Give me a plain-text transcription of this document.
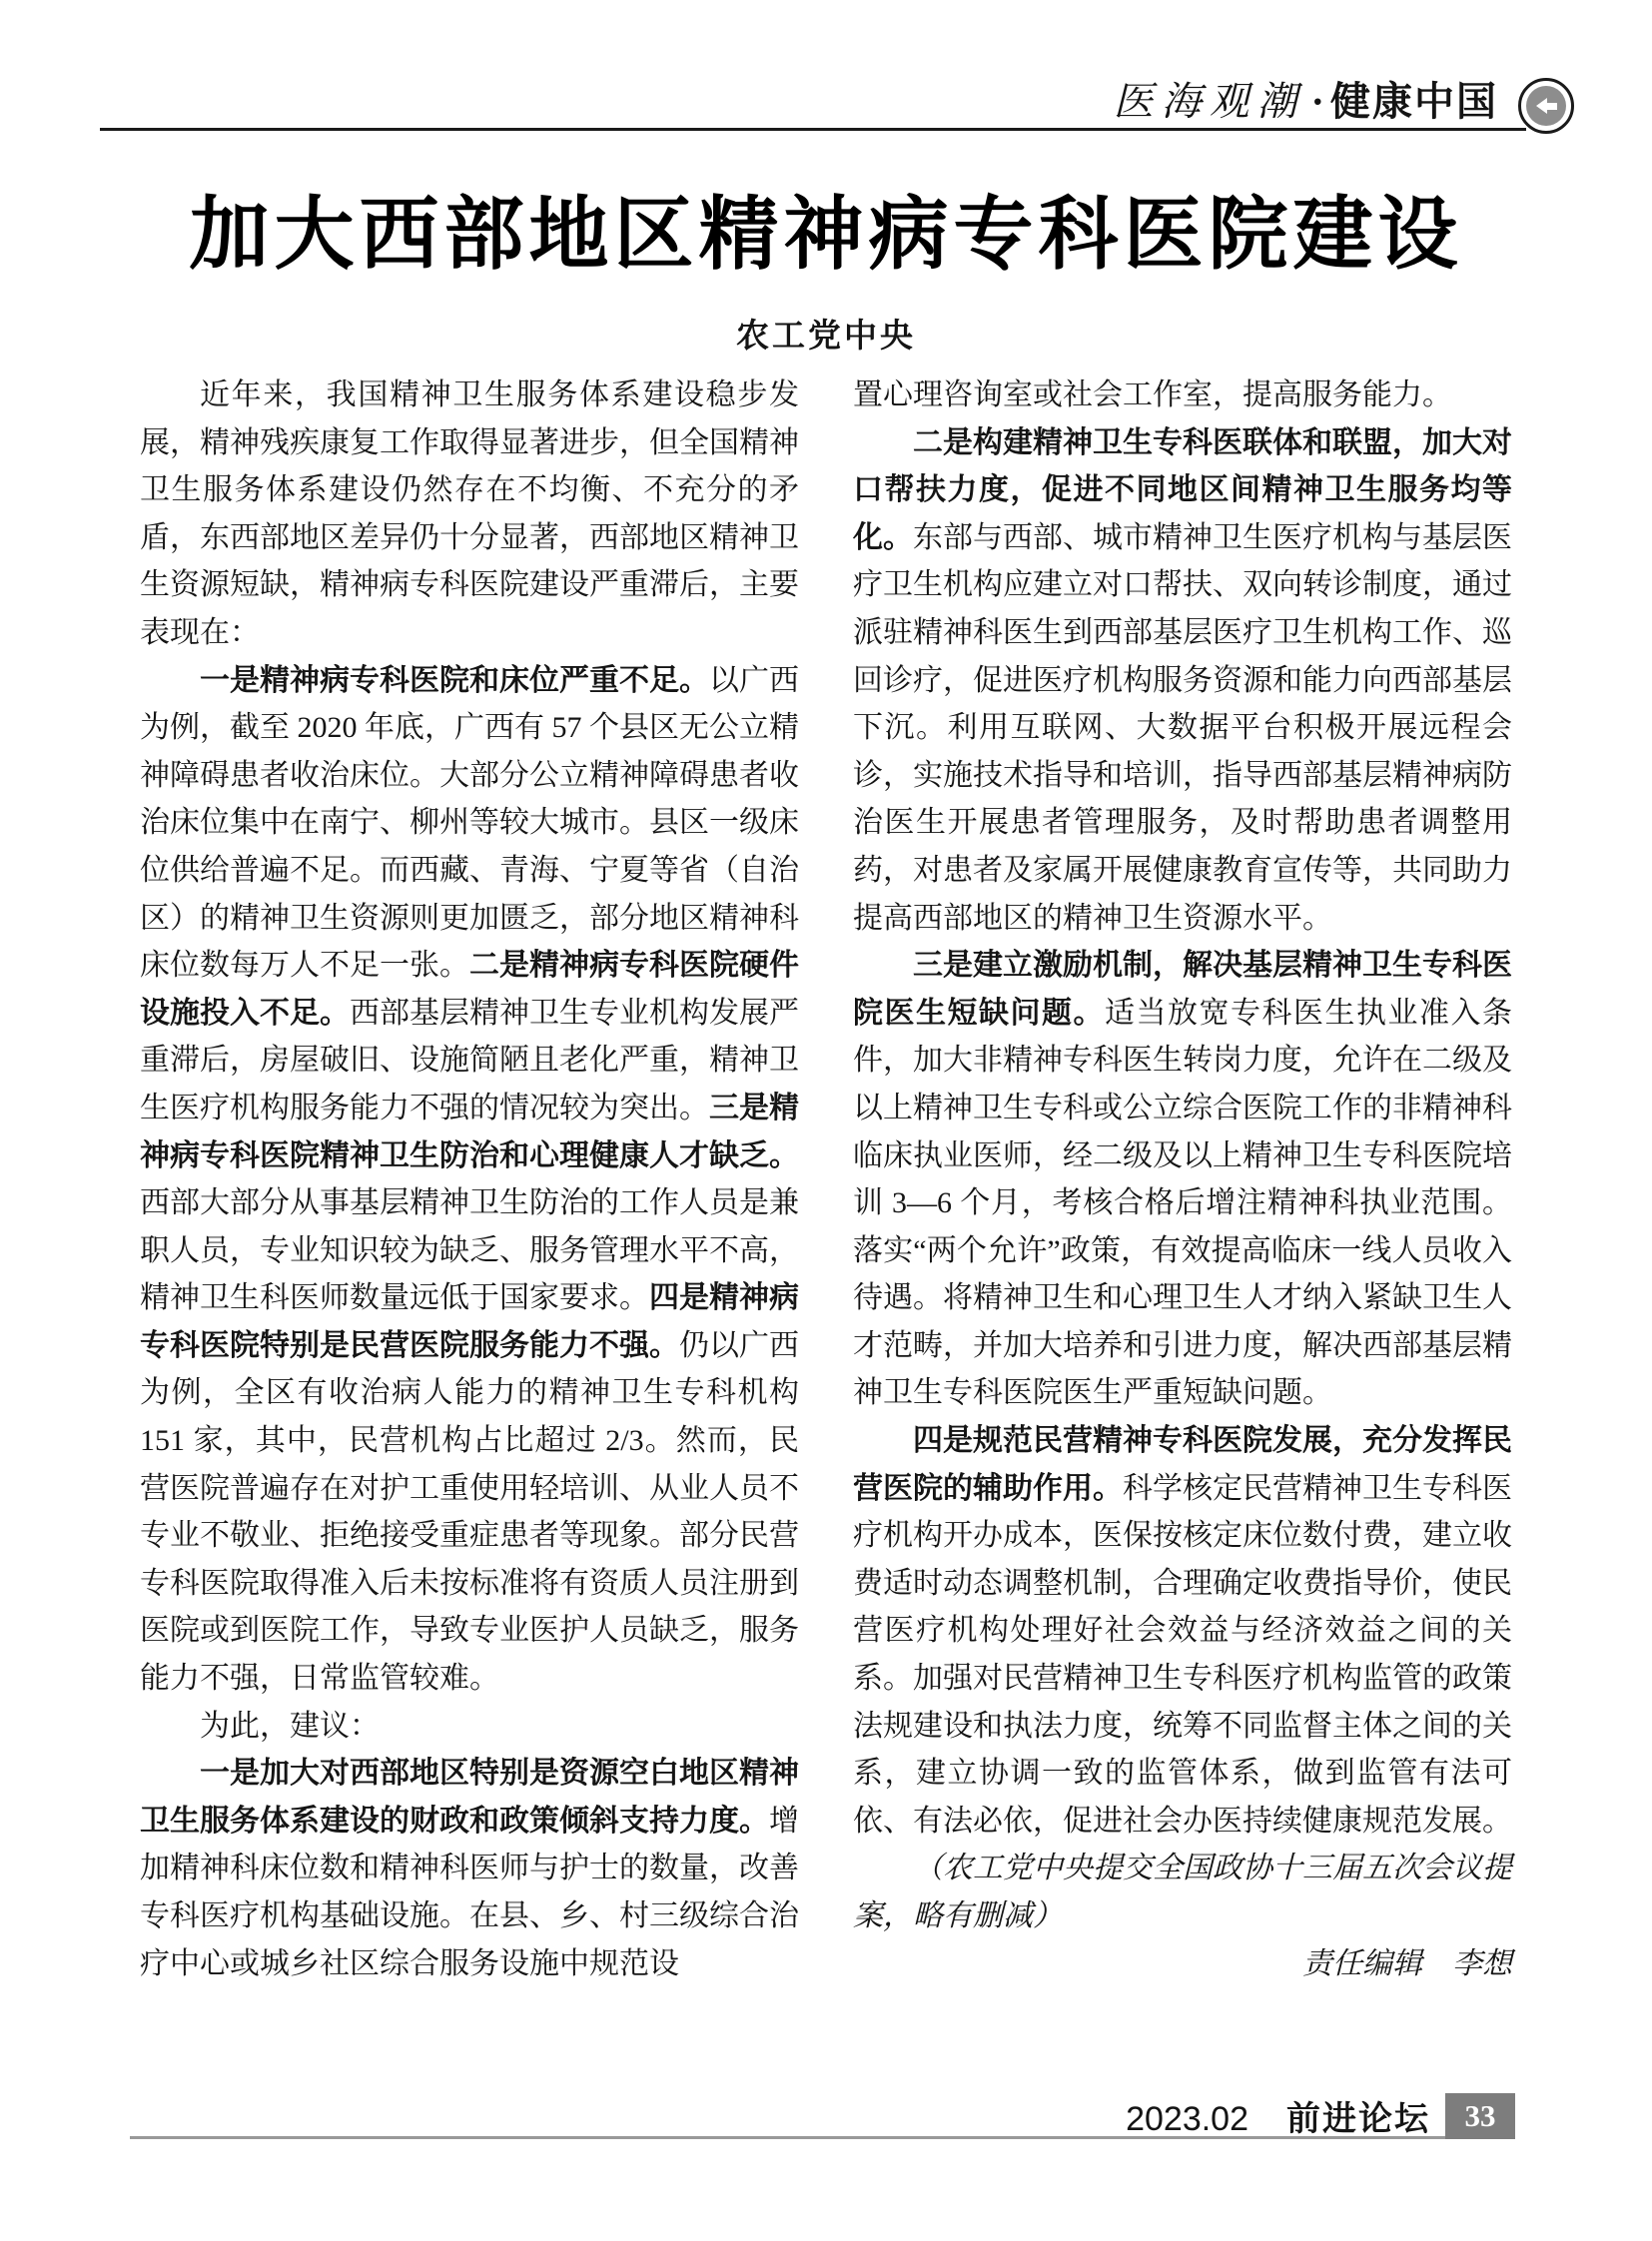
医海观潮 · 健康中国
加大西部地区精神病专科医院建设
农工党中央

近年来，我国精神卫生服务体系建设稳步发展，精神残疾康复工作取得显著进步，但全国精神卫生服务体系建设仍然存在不均衡、不充分的矛盾，东西部地区差异仍十分显著，西部地区精神卫生资源短缺，精神病专科医院建设严重滞后，主要表现在：

一是精神病专科医院和床位严重不足。以广西为例，截至 2020 年底，广西有 57 个县区无公立精神障碍患者收治床位。大部分公立精神障碍患者收治床位集中在南宁、柳州等较大城市。县区一级床位供给普遍不足。而西藏、青海、宁夏等省（自治区）的精神卫生资源则更加匮乏，部分地区精神科床位数每万人不足一张。二是精神病专科医院硬件设施投入不足。西部基层精神卫生专业机构发展严重滞后，房屋破旧、设施简陋且老化严重，精神卫生医疗机构服务能力不强的情况较为突出。三是精神病专科医院精神卫生防治和心理健康人才缺乏。西部大部分从事基层精神卫生防治的工作人员是兼职人员，专业知识较为缺乏、服务管理水平不高，精神卫生科医师数量远低于国家要求。四是精神病专科医院特别是民营医院服务能力不强。仍以广西为例，全区有收治病人能力的精神卫生专科机构 151 家，其中，民营机构占比超过 2/3。然而，民营医院普遍存在对护工重使用轻培训、从业人员不专业不敬业、拒绝接受重症患者等现象。部分民营专科医院取得准入后未按标准将有资质人员注册到医院或到医院工作，导致专业医护人员缺乏，服务能力不强，日常监管较难。

为此，建议：

一是加大对西部地区特别是资源空白地区精神卫生服务体系建设的财政和政策倾斜支持力度。增加精神科床位数和精神科医师与护士的数量，改善专科医疗机构基础设施。在县、乡、村三级综合治疗中心或城乡社区综合服务设施中规范设

置心理咨询室或社会工作室，提高服务能力。

二是构建精神卫生专科医联体和联盟，加大对口帮扶力度，促进不同地区间精神卫生服务均等化。东部与西部、城市精神卫生医疗机构与基层医疗卫生机构应建立对口帮扶、双向转诊制度，通过派驻精神科医生到西部基层医疗卫生机构工作、巡回诊疗，促进医疗机构服务资源和能力向西部基层下沉。利用互联网、大数据平台积极开展远程会诊，实施技术指导和培训，指导西部基层精神病防治医生开展患者管理服务，及时帮助患者调整用药，对患者及家属开展健康教育宣传等，共同助力提高西部地区的精神卫生资源水平。

三是建立激励机制，解决基层精神卫生专科医院医生短缺问题。适当放宽专科医生执业准入条件，加大非精神专科医生转岗力度，允许在二级及以上精神卫生专科或公立综合医院工作的非精神科临床执业医师，经二级及以上精神卫生专科医院培训 3—6 个月，考核合格后增注精神科执业范围。落实“两个允许”政策，有效提高临床一线人员收入待遇。将精神卫生和心理卫生人才纳入紧缺卫生人才范畴，并加大培养和引进力度，解决西部基层精神卫生专科医院医生严重短缺问题。

四是规范民营精神专科医院发展，充分发挥民营医院的辅助作用。科学核定民营精神卫生专科医疗机构开办成本，医保按核定床位数付费，建立收费适时动态调整机制，合理确定收费指导价，使民营医疗机构处理好社会效益与经济效益之间的关系。加强对民营精神卫生专科医疗机构监管的政策法规建设和执法力度，统筹不同监督主体之间的关系，建立协调一致的监管体系，做到监管有法可依、有法必依，促进社会办医持续健康规范发展。

（农工党中央提交全国政协十三届五次会议提案，略有删减）

责任编辑　李想

2023.02 前进论坛	33
